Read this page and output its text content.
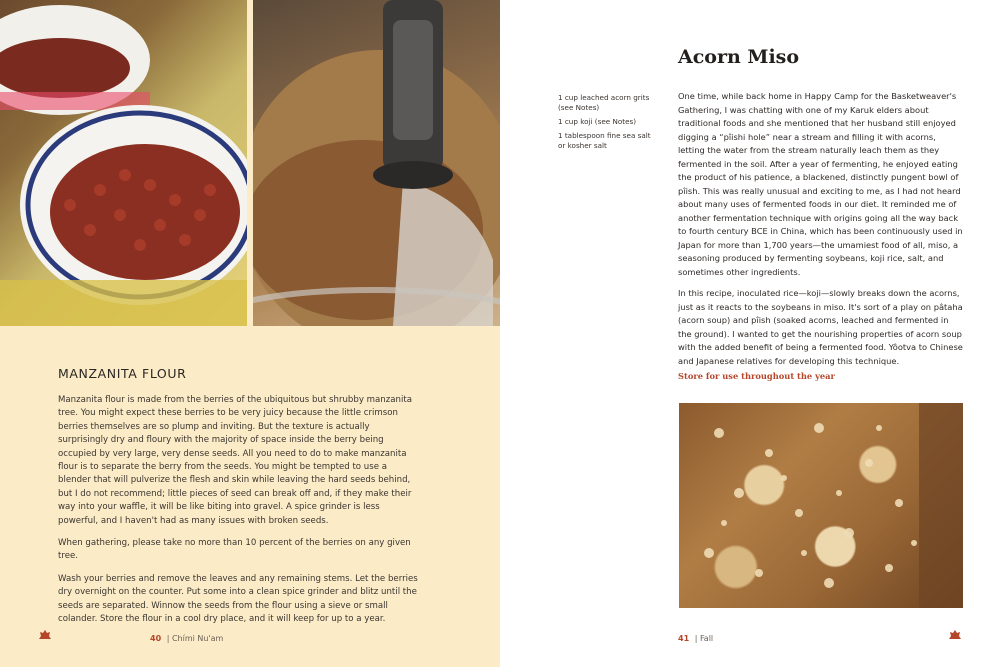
MANZANITA FLOUR

Manzanita flour is made from the berries of the ubiquitous but shrubby manzanita tree. You might expect these berries to be very juicy because the little crimson berries themselves are so plump and inviting. But the texture is actually surprisingly dry and floury with the majority of space inside the berry being occupied by very large, very dense seeds. All you need to do to make manzanita flour is to separate the berry from the seeds. You might be tempted to use a blender that will pulverize the flesh and skin while leaving the hard seeds behind, but I do not recommend; little pieces of seed can break off and, if they make their way into your waffle, it will be like biting into gravel. A spice grinder is less powerful, and I haven't had as many issues with broken seeds.

When gathering, please take no more than 10 percent of the berries on any given tree.

Wash your berries and remove the leaves and any remaining stems. Let the berries dry overnight on the counter. Put some into a clean spice grinder and blitz until the seeds are separated. Winnow the seeds from the flour using a sieve or small colander. Store the flour in a cool dry place, and it will keep for up to a year.

40 | Chími Nu'am
Acorn Miso
1 cup leached acorn grits (see Notes)
1 cup koji (see Notes)
1 tablespoon fine sea salt or kosher salt

One time, while back home in Happy Camp for the Basketweaver's Gathering, I was chatting with one of my Karuk elders about traditional foods and she mentioned that her husband still enjoyed digging a “pîishi hole” near a stream and filling it with acorns, letting the water from the stream naturally leach them as they fermented in the soil. After a year of fermenting, he enjoyed eating the product of his patience, a blackened, distinctly pungent bowl of pîish. This was really unusual and exciting to me, as I had not heard about many uses of fermented foods in our diet. It reminded me of another fermentation technique with origins going all the way back to fourth century BCE in China, which has been continuously used in Japan for more than 1,700 years—the umamiest food of all, miso, a seasoning produced by fermenting soybeans, koji rice, salt, and sometimes other ingredients.

In this recipe, inoculated rice—koji—slowly breaks down the acorns, just as it reacts to the soybeans in miso. It's sort of a play on pâtaha (acorn soup) and pîish (soaked acorns, leached and fermented in the ground). I wanted to get the nourishing properties of acorn soup with the added benefit of being a fermented food. Yôotva to Chinese and Japanese relatives for developing this technique.

Store for use throughout the year
41 | Fall
